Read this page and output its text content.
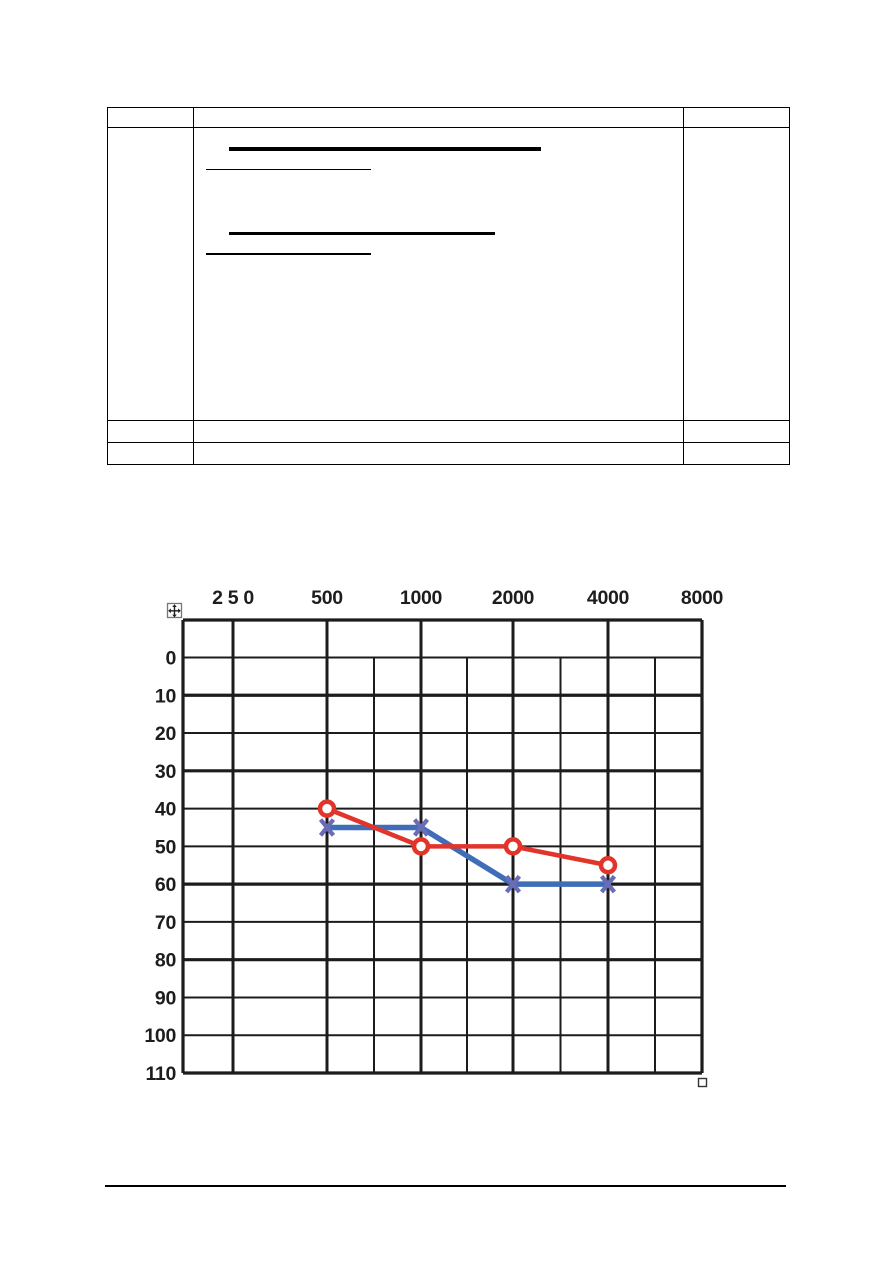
2 5 0	500	1000	2000	4000	8000
0
10
20
30
40
50
60
70
80
90
100
110
